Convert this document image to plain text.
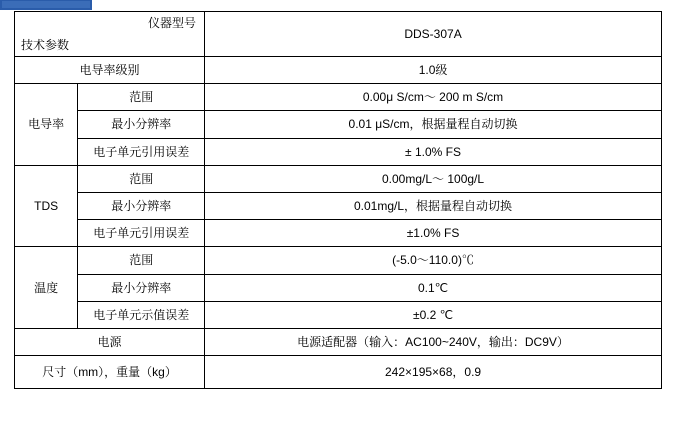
仪器型号
技术参数		DDS-307A
电导率级别		1.0级
电导率	范围	0.00μ S/cm～ 200 m S/cm
	最小分辨率	0.01 μS/cm，根据量程自动切换
	电子单元引用误差	± 1.0% FS
TDS	范围	0.00mg/L～ 100g/L
	最小分辨率	0.01mg/L，根据量程自动切换
	电子单元引用误差	±1.0% FS
温度	范围	(-5.0～110.0)℃
	最小分辨率	0.1℃
	电子单元示值误差	±0.2 ℃
电源		电源适配器（输入：AC100~240V，输出：DC9V）
尺寸（mm），重量（kg）		242×195×68，0.9
